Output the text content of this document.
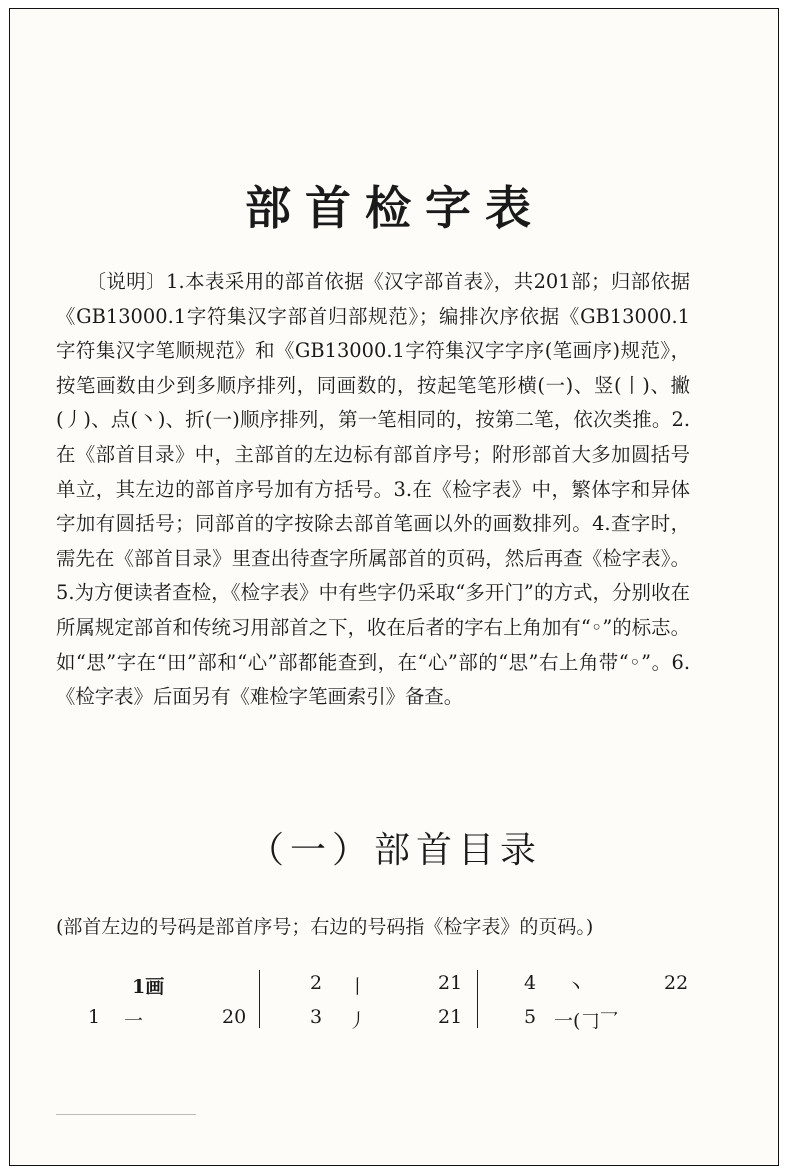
部首检字表
〔说明〕1.本表采用的部首依据《汉字部首表》，共201部；归部依据《GB13000.1字符集汉字部首归部规范》；编排次序依据《GB13000.1字符集汉字笔顺规范》和《GB13000.1字符集汉字字序(笔画序)规范》，按笔画数由少到多顺序排列，同画数的，按起笔笔形横(一)、竖(丨)、撇(丿)、点(丶)、折(一)顺序排列，第一笔相同的，按第二笔，依次类推。2.在《部首目录》中，主部首的左边标有部首序号；附形部首大多加圆括号单立，其左边的部首序号加有方括号。3.在《检字表》中，繁体字和异体字加有圆括号；同部首的字按除去部首笔画以外的画数排列。4.查字时，需先在《部首目录》里查出待查字所属部首的页码，然后再查《检字表》。5.为方便读者查检，《检字表》中有些字仍采取“多开门”的方式，分别收在所属规定部首和传统习用部首之下，收在后者的字右上角加有“◦”的标志。如“思”字在“田”部和“心”部都能查到，在“心”部的“思”右上角带“◦”。6.《检字表》后面另有《难检字笔画索引》备查。
（一）部首目录
(部首左边的号码是部首序号；右边的号码指《检字表》的页码。)
1画
1 一	20
2 丨	21
3 丿	21
4 丶	22
5 一(𠃌乛
